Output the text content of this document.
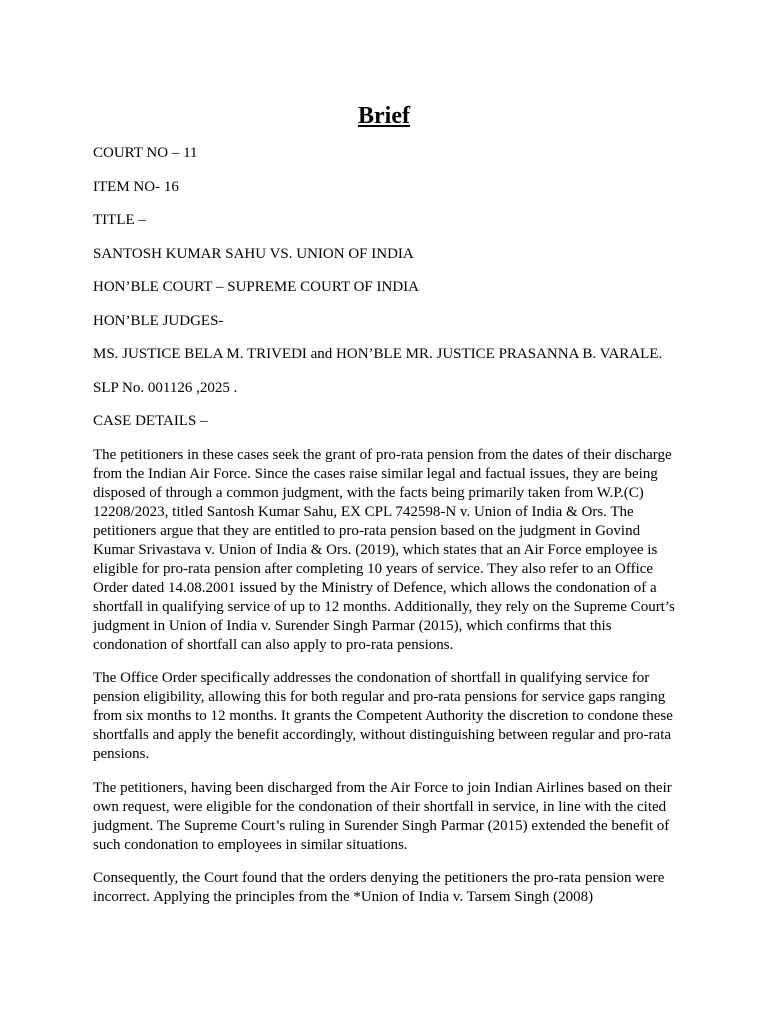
Brief
COURT NO – 11
ITEM NO- 16
TITLE –
SANTOSH KUMAR SAHU VS. UNION OF INDIA
HON’BLE COURT – SUPREME COURT OF INDIA
HON’BLE JUDGES-
MS. JUSTICE BELA M. TRIVEDI and HON’BLE MR. JUSTICE PRASANNA B. VARALE.
SLP No. 001126 ,2025 .
CASE DETAILS –

The petitioners in these cases seek the grant of pro-rata pension from the dates of their discharge from the Indian Air Force. Since the cases raise similar legal and factual issues, they are being disposed of through a common judgment, with the facts being primarily taken from W.P.(C) 12208/2023, titled Santosh Kumar Sahu, EX CPL 742598-N v. Union of India & Ors. The petitioners argue that they are entitled to pro-rata pension based on the judgment in Govind Kumar Srivastava v. Union of India & Ors. (2019), which states that an Air Force employee is eligible for pro-rata pension after completing 10 years of service. They also refer to an Office Order dated 14.08.2001 issued by the Ministry of Defence, which allows the condonation of a shortfall in qualifying service of up to 12 months. Additionally, they rely on the Supreme Court’s judgment in Union of India v. Surender Singh Parmar (2015), which confirms that this condonation of shortfall can also apply to pro-rata pensions.

The Office Order specifically addresses the condonation of shortfall in qualifying service for pension eligibility, allowing this for both regular and pro-rata pensions for service gaps ranging from six months to 12 months. It grants the Competent Authority the discretion to condone these shortfalls and apply the benefit accordingly, without distinguishing between regular and pro-rata pensions.

The petitioners, having been discharged from the Air Force to join Indian Airlines based on their own request, were eligible for the condonation of their shortfall in service, in line with the cited judgment. The Supreme Court’s ruling in Surender Singh Parmar (2015) extended the benefit of such condonation to employees in similar situations.

Consequently, the Court found that the orders denying the petitioners the pro-rata pension were incorrect. Applying the principles from the *Union of India v. Tarsem Singh (2008)
